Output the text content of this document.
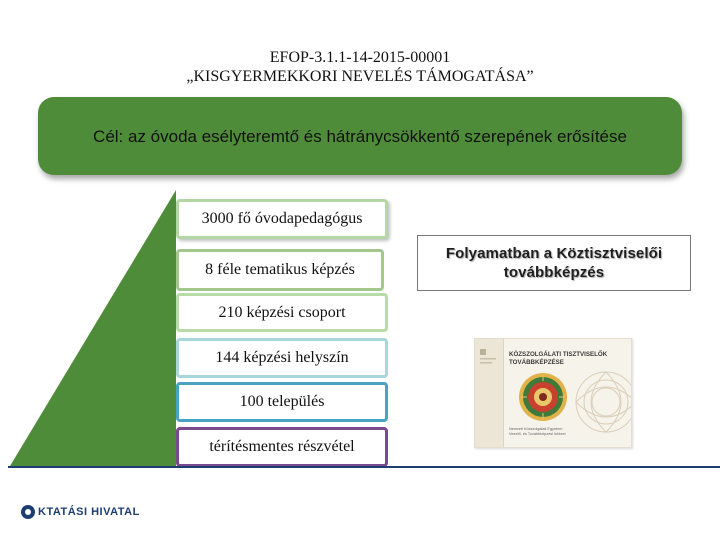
EFOP-3.1.1-14-2015-00001
„KISGYERMEKKORI NEVELÉS TÁMOGATÁSA”
Cél: az óvoda esélyteremtő és hátránycsökkentő szerepének erősítése
3000 fő óvodapedagógus
8 féle tematikus képzés
210 képzési csoport
144 képzési helyszín
100 település
térítésmentes részvétel
Folyamatban a Köztisztviselői
továbbképzés
KÖZSZOLGÁLATI TISZTVISELŐK
TOVÁBBKÉPZÉSE
Nemzeti Közszolgálati Egyetem
Vezető- és Továbbképzési Intézet
KTATÁSI HIVATAL
